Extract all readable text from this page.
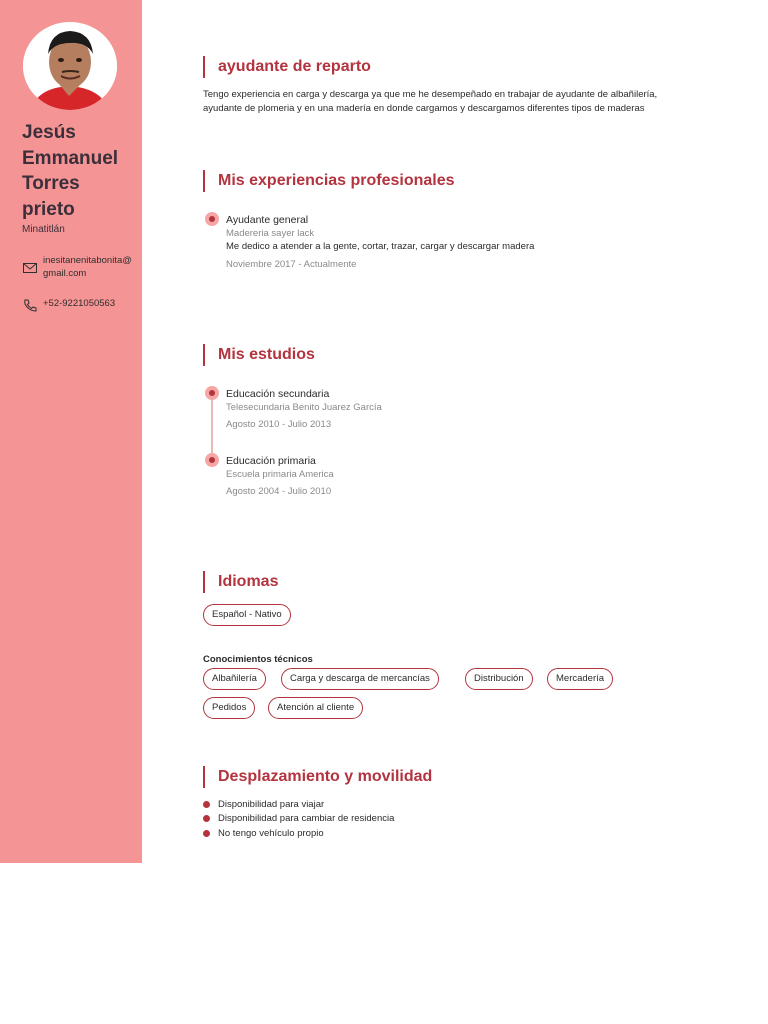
Jesús
Emmanuel
Torres
prieto
Minatitlán
inesitanenitabonita@gmail.com
+52-9221050563
ayudante de reparto
Tengo experiencia en carga y descarga ya que me he desempeñado en trabajar de ayudante de albañilería, ayudante de plomeria y en una madería en donde cargamos y descargamos diferentes tipos de maderas
Mis experiencias profesionales
Ayudante general
Madereria sayer lack
Me dedico a atender a la gente, cortar, trazar, cargar y descargar madera
Noviembre 2017 - Actualmente
Mis estudios
Educación secundaria
Telesecundaria Benito Juarez García
Agosto 2010 - Julio 2013
Educación primaria
Escuela primaria America
Agosto 2004 - Julio 2010
Idiomas
Español - Nativo
Conocimientos técnicos
Albañilería	Carga y descarga de mercancías	Distribución	Mercadería
Pedidos	Atención al cliente
Desplazamiento y movilidad
Disponibilidad para viajar
Disponibilidad para cambiar de residencia
No tengo vehículo propio
